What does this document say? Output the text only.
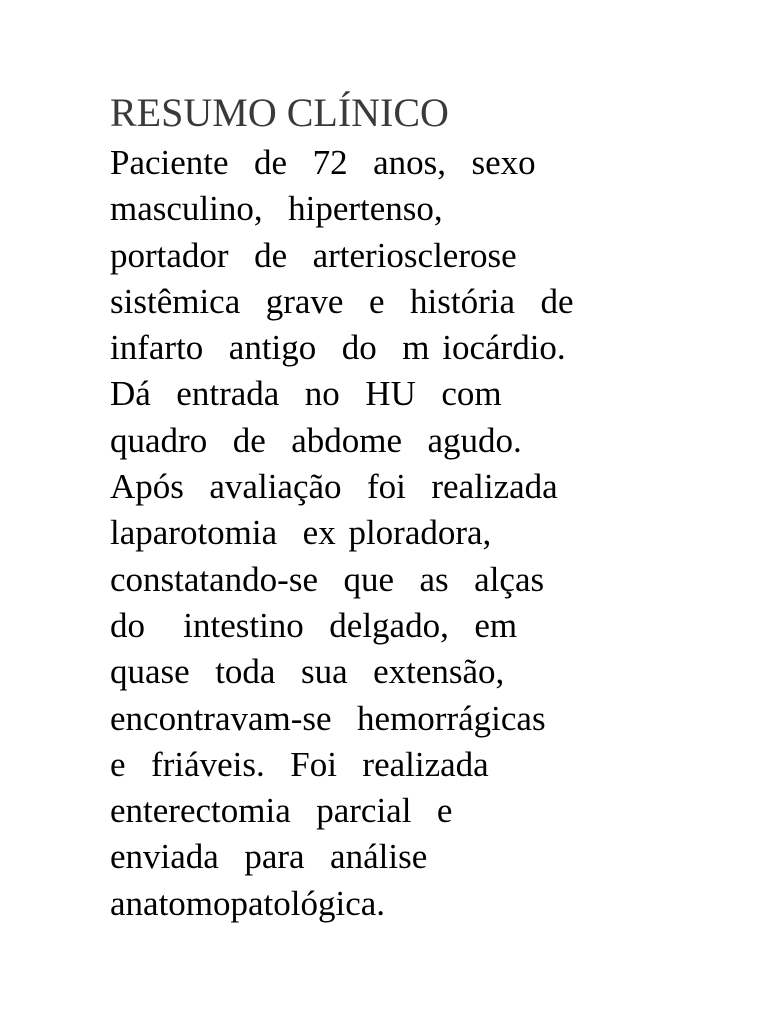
RESUMO CLÍNICO
Paciente  de  72  anos,  sexo
masculino,  hipertenso,
portador  de  arteriosclerose
sistêmica  grave  e  história  de
infarto  antigo  do  m iocárdio.
Dá  entrada  no  HU  com
quadro  de  abdome  agudo.
Após  avaliação  foi  realizada
laparotomia  ex ploradora,
constatando-se  que  as  alças
do   intestino  delgado,  em
quase  toda  sua  extensão,
encontravam-se  hemorrágicas
e  friáveis.  Foi  realizada
enterectomia  parcial  e
enviada  para  análise
anatomopatológica.
